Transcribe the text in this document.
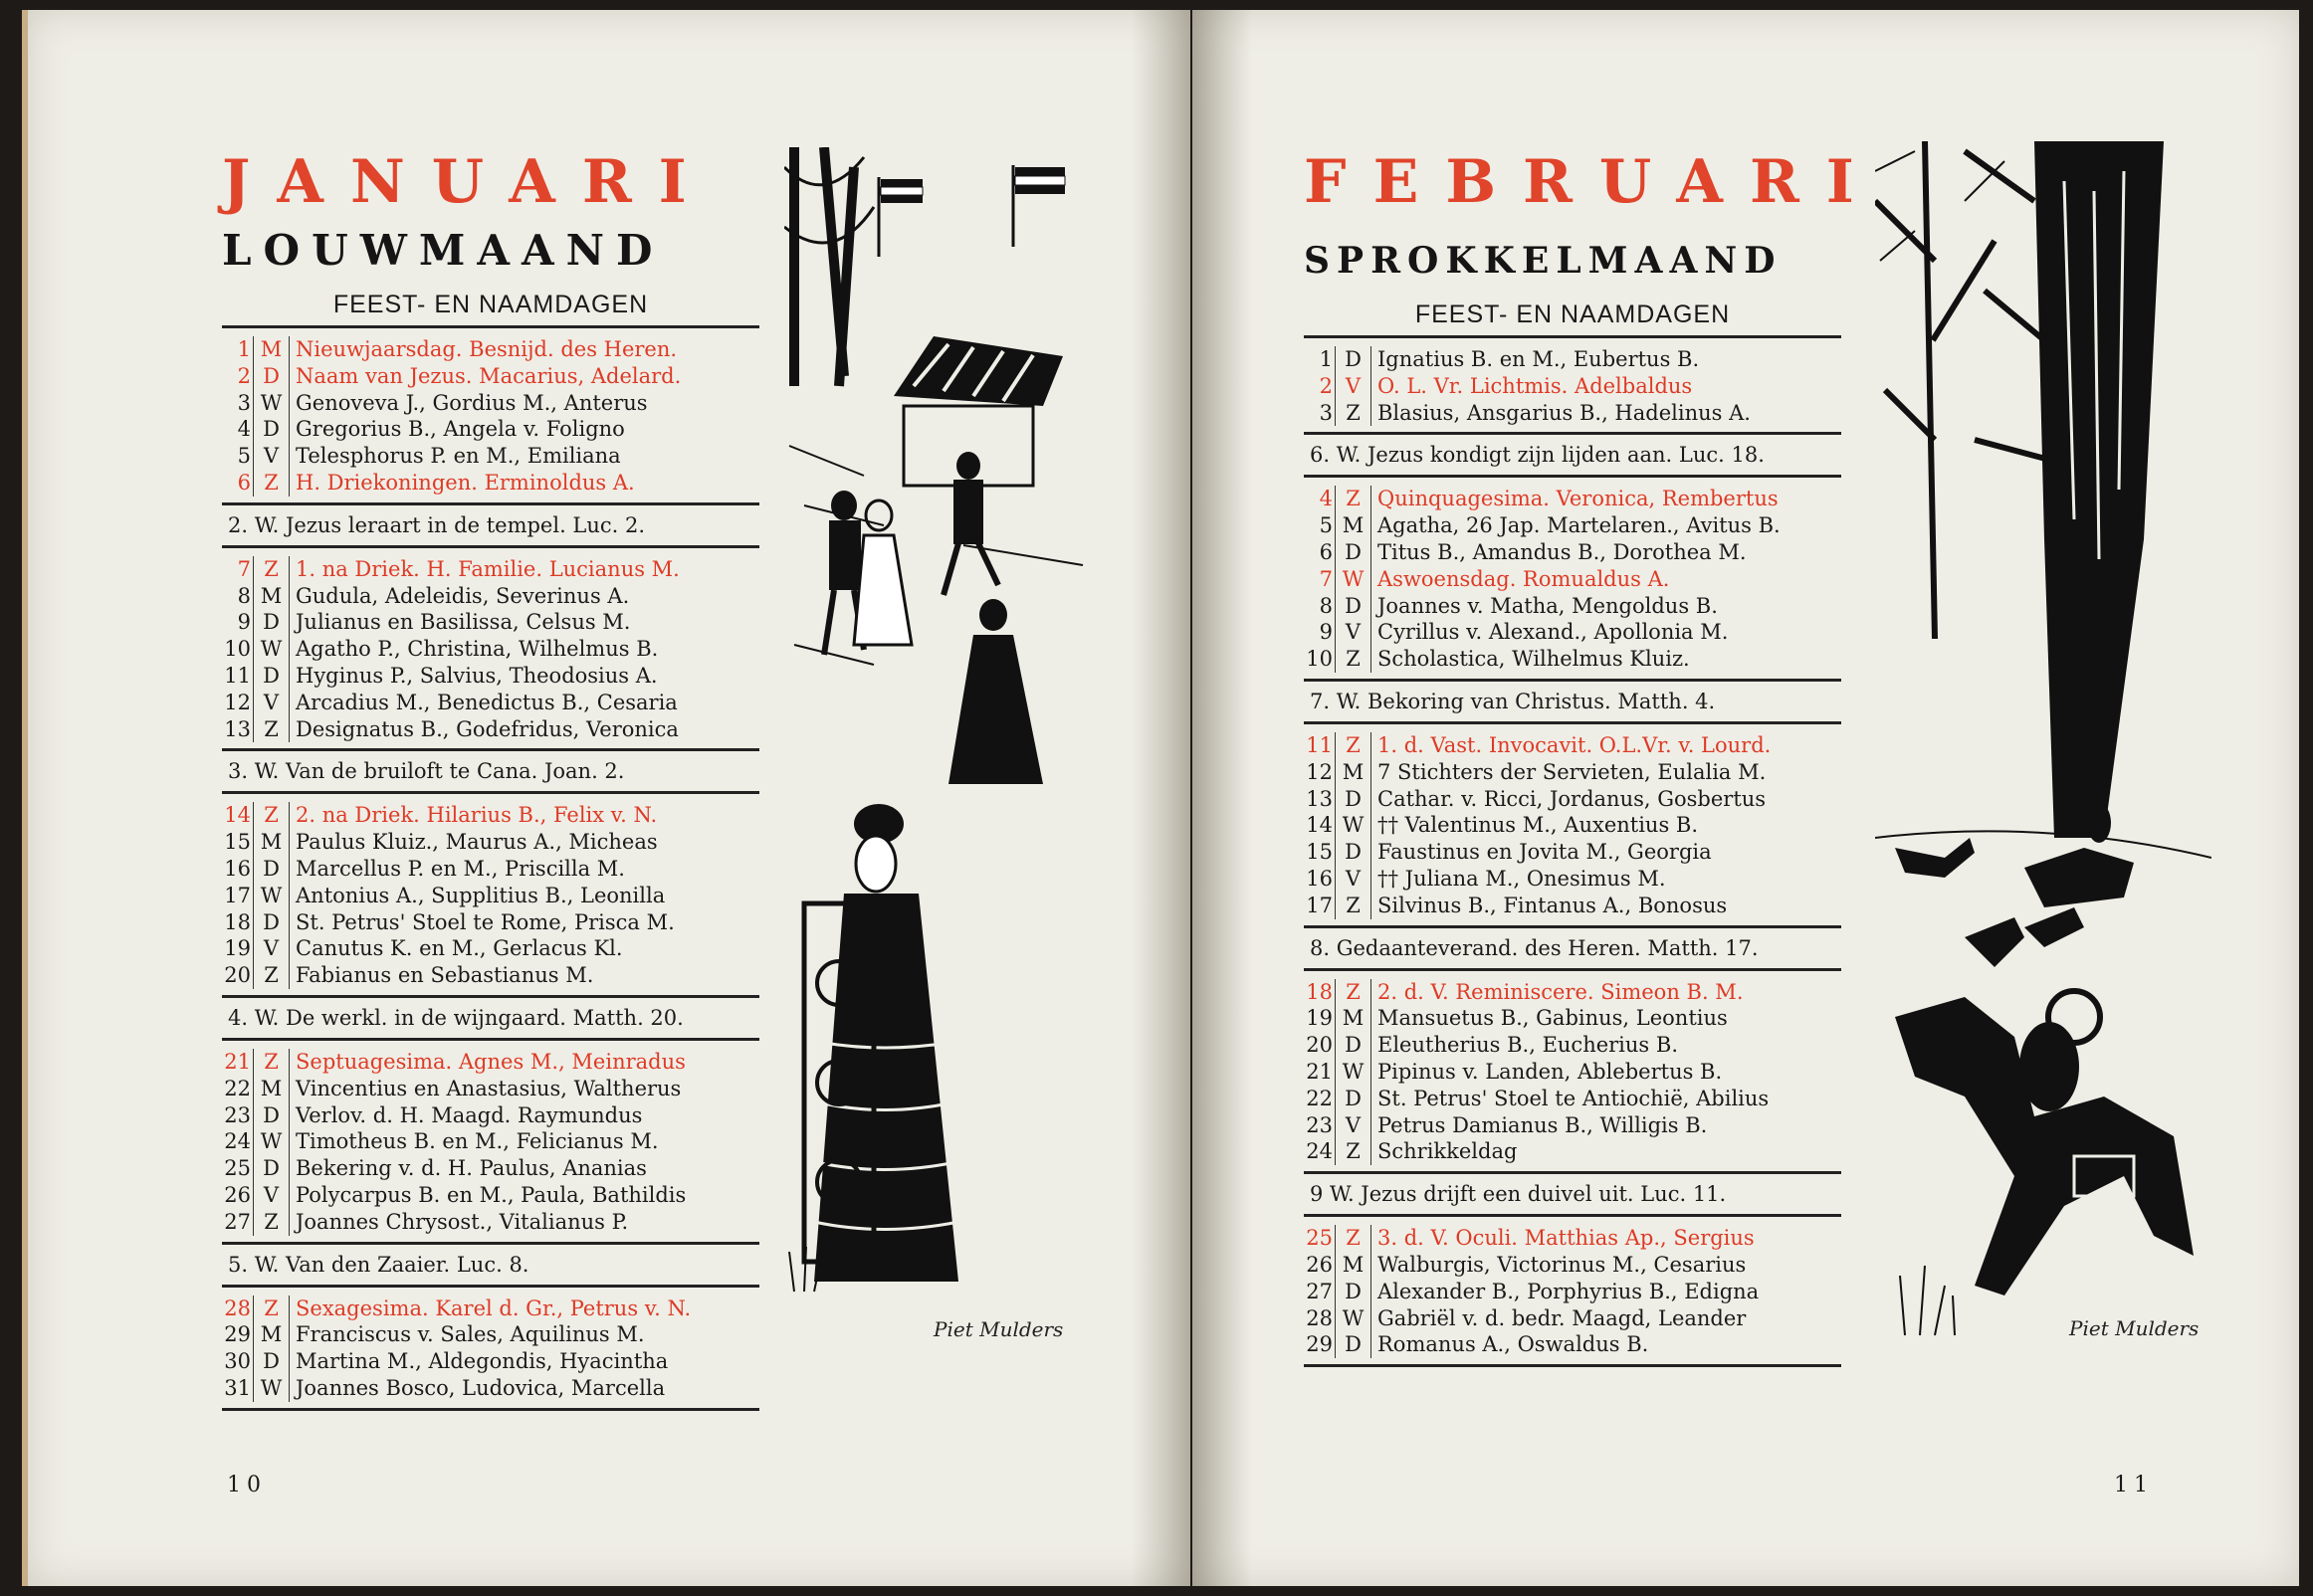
JANUARI
LOUWMAAND
FEEST- EN NAAMDAGEN
1 M Nieuwjaarsdag. Besnijd. des Heren.
2 D Naam van Jezus. Macarius, Adelard.
3 W Genoveva J., Gordius M., Anterus
4 D Gregorius B., Angela v. Foligno
5 V Telesphorus P. en M., Emiliana
6 Z H. Driekoningen. Erminoldus A.
2. W. Jezus leraart in de tempel. Luc. 2.
7 Z 1. na Driek. H. Familie. Lucianus M.
8 M Gudula, Adeleidis, Severinus A.
9 D Julianus en Basilissa, Celsus M.
10 W Agatho P., Christina, Wilhelmus B.
11 D Hyginus P., Salvius, Theodosius A.
12 V Arcadius M., Benedictus B., Cesaria
13 Z Designatus B., Godefridus, Veronica
3. W. Van de bruiloft te Cana. Joan. 2.
14 Z 2. na Driek. Hilarius B., Felix v. N.
15 M Paulus Kluiz., Maurus A., Micheas
16 D Marcellus P. en M., Priscilla M.
17 W Antonius A., Supplitius B., Leonilla
18 D St. Petrus' Stoel te Rome, Prisca M.
19 V Canutus K. en M., Gerlacus Kl.
20 Z Fabianus en Sebastianus M.
4. W. De werkl. in de wijngaard. Matth. 20.
21 Z Septuagesima. Agnes M., Meinradus
22 M Vincentius en Anastasius, Waltherus
23 D Verlov. d. H. Maagd. Raymundus
24 W Timotheus B. en M., Felicianus M.
25 D Bekering v. d. H. Paulus, Ananias
26 V Polycarpus B. en M., Paula, Bathildis
27 Z Joannes Chrysost., Vitalianus P.
5. W. Van den Zaaier. Luc. 8.
28 Z Sexagesima. Karel d. Gr., Petrus v. N.
29 M Franciscus v. Sales, Aquilinus M.
30 D Martina M., Aldegondis, Hyacintha
31 W Joannes Bosco, Ludovica, Marcella
Piet Mulders
10
FEBRUARI
SPROKKELMAAND
FEEST- EN NAAMDAGEN
1 D Ignatius B. en M., Eubertus B.
2 V O. L. Vr. Lichtmis. Adelbaldus
3 Z Blasius, Ansgarius B., Hadelinus A.
6. W. Jezus kondigt zijn lijden aan. Luc. 18.
4 Z Quinquagesima. Veronica, Rembertus
5 M Agatha, 26 Jap. Martelaren., Avitus B.
6 D Titus B., Amandus B., Dorothea M.
7 W Aswoensdag. Romualdus A.
8 D Joannes v. Matha, Mengoldus B.
9 V Cyrillus v. Alexand., Apollonia M.
10 Z Scholastica, Wilhelmus Kluiz.
7. W. Bekoring van Christus. Matth. 4.
11 Z 1. d. Vast. Invocavit. O.L.Vr. v. Lourd.
12 M 7 Stichters der Servieten, Eulalia M.
13 D Cathar. v. Ricci, Jordanus, Gosbertus
14 W †† Valentinus M., Auxentius B.
15 D Faustinus en Jovita M., Georgia
16 V †† Juliana M., Onesimus M.
17 Z Silvinus B., Fintanus A., Bonosus
8. Gedaanteverand. des Heren. Matth. 17.
18 Z 2. d. V. Reminiscere. Simeon B. M.
19 M Mansuetus B., Gabinus, Leontius
20 D Eleutherius B., Eucherius B.
21 W Pipinus v. Landen, Ablebertus B.
22 D St. Petrus' Stoel te Antiochië, Abilius
23 V Petrus Damianus B., Willigis B.
24 Z Schrikkeldag
9 W. Jezus drijft een duivel uit. Luc. 11.
25 Z 3. d. V. Oculi. Matthias Ap., Sergius
26 M Walburgis, Victorinus M., Cesarius
27 D Alexander B., Porphyrius B., Edigna
28 W Gabriël v. d. bedr. Maagd, Leander
29 D Romanus A., Oswaldus B.
Piet Mulders
11
